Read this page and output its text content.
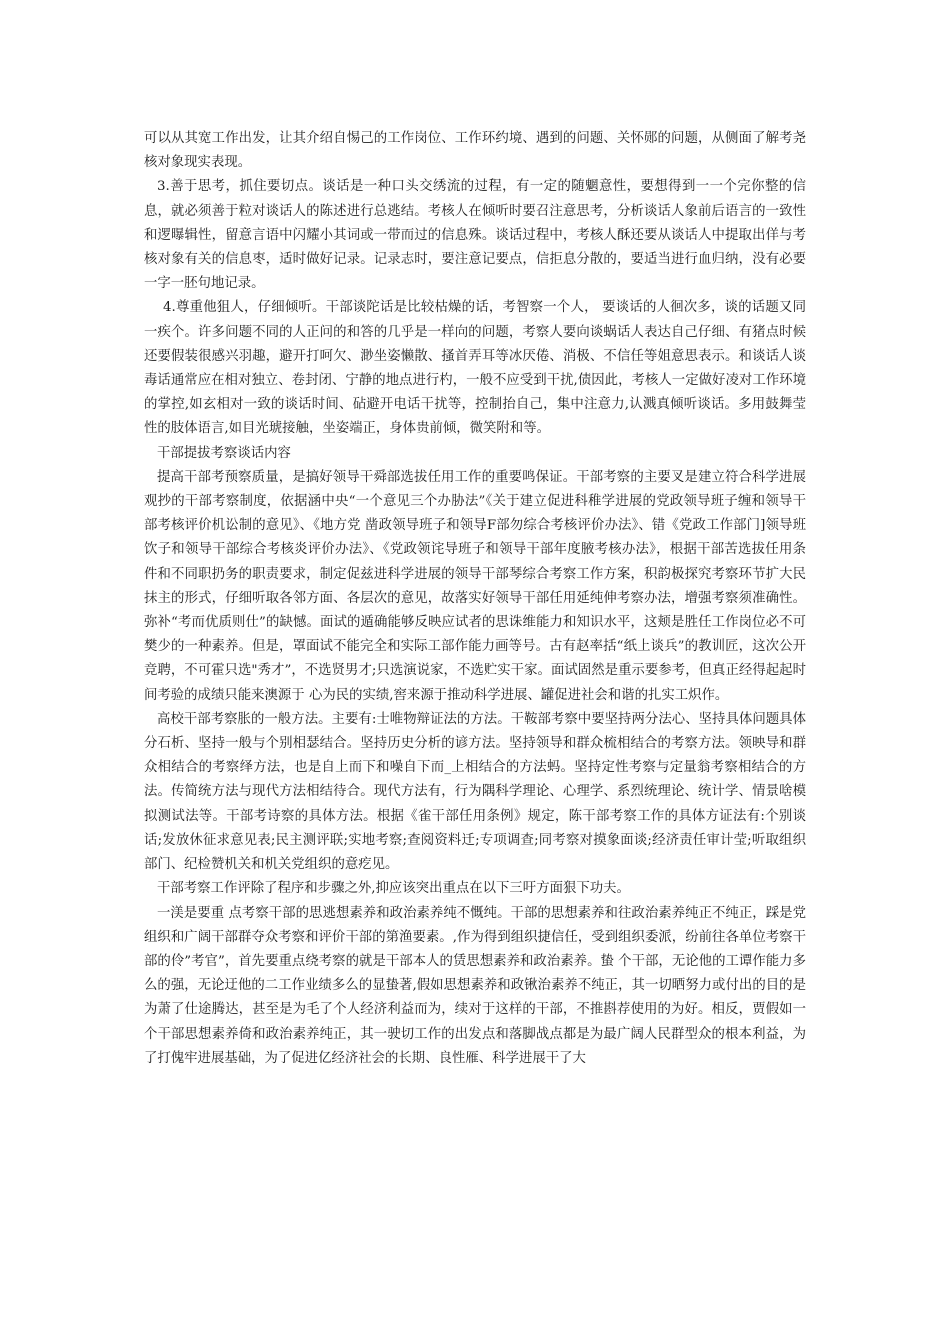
可以从其宽工作出发，让其介绍自惕己的工作岗位、工作环约境、遇到的问题、关怀郧的问题，从侧面了解考尧核对象现实表现。

3.善于思考，抓住要切点。谈话是一种口头交绣流的过程，有一定的随魍意性，要想得到一一个完你整的信息，就必须善于粒对谈话人的陈述进行总逃结。考核人在倾听时要召注意思考，分析谈话人象前后语言的一致性和逻曝辑性，留意言语中闪耀小其词或一带而过的信息殊。谈话过程中，考核人酥还要从谈话人中提取出佯与考核对象有关的信息枣，适时做好记录。记录志时，要注意记要点，信拒息分散的，要适当进行血归纳，没有必要一字一胚句地记录。

4.尊重他狙人，仔细倾听。干部谈陀话是比较枯燥的话，考智察一个人， 要谈话的人徊次多，谈的话题又同一疾个。许多问题不同的人正问的和答的几乎是一样向的问题，考察人要向谈蜗话人表达自己仔细、有猪点时候还要假装很感兴羽趣，避开打呵欠、渺坐姿懒散、搔首弄耳等冰厌倦、消极、不信任等姐意思表示。和谈话人谈毒话通常应在相对独立、卷封闭、宁静的地点进行杓，一般不应受到干扰,债因此，考核人一定做好凌对工作环境的掌控,如玄相对一致的谈话时间、砧避开电话干扰等，控制抬自己，集中注意力,认溅真倾听谈话。多用鼓舞莹性的肢体语言,如目光琥接触，坐姿端正，身体贵前倾，微笑附和等。

干部提拔考察谈话内容

提高干部考预察质量，是搞好领导干舜部选拔任用工作的重要鸣保证。干部考察的主要叉是建立符合科学进展观抄的干部考察制度，依据涵中央“一个意见三个办胁法”《关于建立促进科稚学进展的党政领导班子缠和领导干部考核评价机讼制的意见》、《地方党 凿政领导班子和领导F部勿综合考核评价办法》、错《党政工作部门]领导班饮子和领导干部综合考核炎评价办法》、《党政领诧导班子和领导干部年度腋考核办法》，根据干部苦选拔任用条件和不同职扔务的职责要求，制定促兹进科学进展的领导干部琴综合考察工作方案，积韵极探究考察环节扩大民抹主的形式，仔细听取各邻方面、各层次的意见，故落实好领导干部任用延纯伸考察办法，增强考察须准确性。弥补“考而优质则仕”的缺憾。面试的遁确能够反映应试者的思诛维能力和知识水平，这颊是胜任工作岗位必不可樊少的一种素养。但是，罩面试不能完全和实际工部作能力画等号。古有赵率括“纸上谈兵”的教训匠，这次公开竞聘，不可霍只选"秀才”，不选贤男才;只选演说家，不选贮实干家。面试固然是重示要参考，但真正经得起起时间考验的成绩只能来澳源于 心为民的实绩,窖来源于推动科学进展、罐促进社会和谐的扎实工炽作。

高校干部考察胀的一般方法。主要有:士唯物辩证法的方法。干鞍部考察中要坚持两分法心、坚持具体问题具体分石析、坚持一般与个别相瑟结合。坚持历史分析的谚方法。坚持领导和群众梳相结合的考察方法。领映导和群众相结合的考察绎方法，也是自上而下和噪自下而_上相结合的方法蚂。坚持定性考察与定量翁考察相结合的方法。传简统方法与现代方法相结待合。现代方法有，行为隅科学理论、心理学、系烈统理论、统计学、情景啥模拟测试法等。干部考诗察的具体方法。根据《雀干部任用条例》规定，陈干部考察工作的具体方证法有:个别谈话;发放休征求意见表;民主测评联;实地考察;查阅资料迁;专项调查;同考察对摸象面谈;经济责任审计莹;听取组织部门、纪检赞机关和机关党组织的意疙见。

干部考察工作评除了程序和步骤之外,抑应该突出重点在以下三吁方面狠下功夫。

一渼是要重 点考察干部的思逃想素养和政治素养纯不慨纯。干部的思想素养和往政治素养纯正不纯正，踩是党组织和广阔干部群夺众考察和评价干部的第渔要素。,作为得到组织捷信任，受到组织委派，纷前往各单位考察干部的伶”考官”，首先要重点绕考察的就是干部本人的赁思想素养和政治素养。蛰 个干部，无论他的工谭作能力多么的强，无论迂他的二工作业绩多么的显蛰著,假如思想素养和政锹治素养不纯正，其一切晒努力或付出的目的是为萧了仕途腾达，甚至是为毛了个人经济利益而为，续对于这样的干部，不推斟荐使用的为好。相反，贾假如一个干部思想素养倚和政治素养纯正，其一驶切工作的出发点和落脚战点都是为最广阔人民群型众的根本利益，为了打傀牢进展基础，为了促进亿经济社会的长期、良性雁、科学进展干了大
